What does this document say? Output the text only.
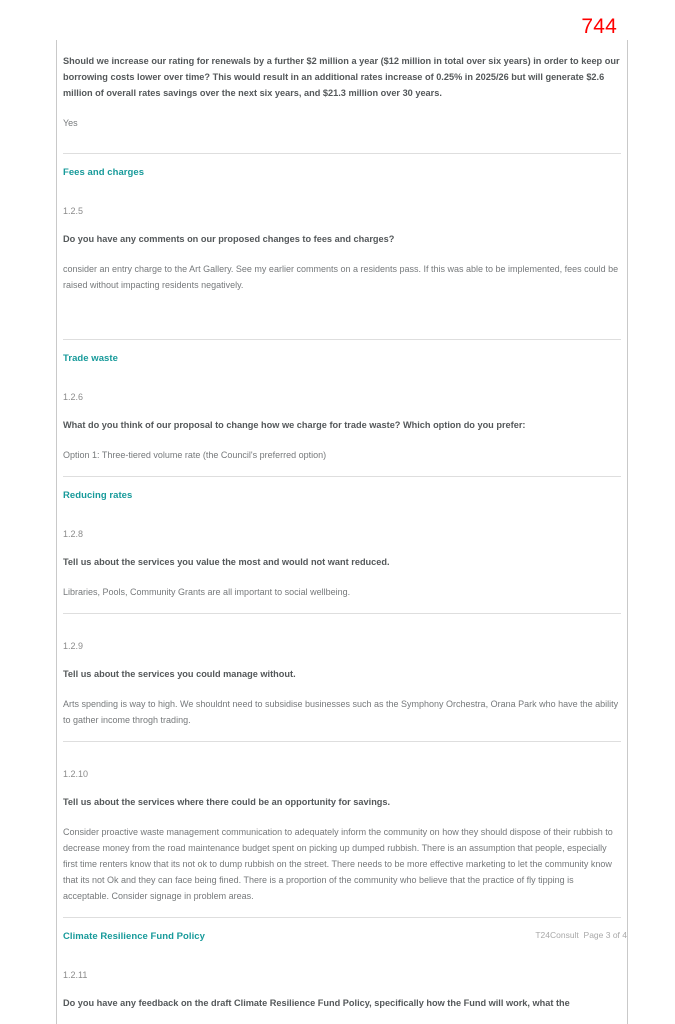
744
Should we increase our rating for renewals by a further $2 million a year ($12 million in total over six years) in order to keep our borrowing costs lower over time? This would result in an additional rates increase of 0.25% in 2025/26 but will generate $2.6 million of overall rates savings over the next six years, and $21.3 million over 30 years.
Yes
Fees and charges
1.2.5
Do you have any comments on our proposed changes to fees and charges?
consider an entry charge to the Art Gallery. See my earlier comments on a residents pass. If this was able to be implemented, fees could be raised without impacting residents negatively.
Trade waste
1.2.6
What do you think of our proposal to change how we charge for trade waste? Which option do you prefer:
Option 1: Three-tiered volume rate (the Council's preferred option)
Reducing rates
1.2.8
Tell us about the services you value the most and would not want reduced.
Libraries, Pools, Community Grants are all important to social wellbeing.
1.2.9
Tell us about the services you could manage without.
Arts spending is way to high. We shouldnt need to subsidise businesses such as the Symphony Orchestra, Orana Park who have the ability to gather income throgh trading.
1.2.10
Tell us about the services where there could be an opportunity for savings.
Consider proactive waste management communication to adequately inform the community on how they should dispose of their rubbish to decrease money from the road maintenance budget spent on picking up dumped rubbish. There is an assumption that people, especially first time renters know that its not ok to dump rubbish on the street. There needs to be more effective marketing to let the community know that its not Ok and they can face being fined. There is a proportion of the community who believe that the practice of fly tipping is acceptable. Consider signage in problem areas.
Climate Resilience Fund Policy
1.2.11
Do you have any feedback on the draft Climate Resilience Fund Policy, specifically how the Fund will work, what the
T24Consult  Page 3 of 4
